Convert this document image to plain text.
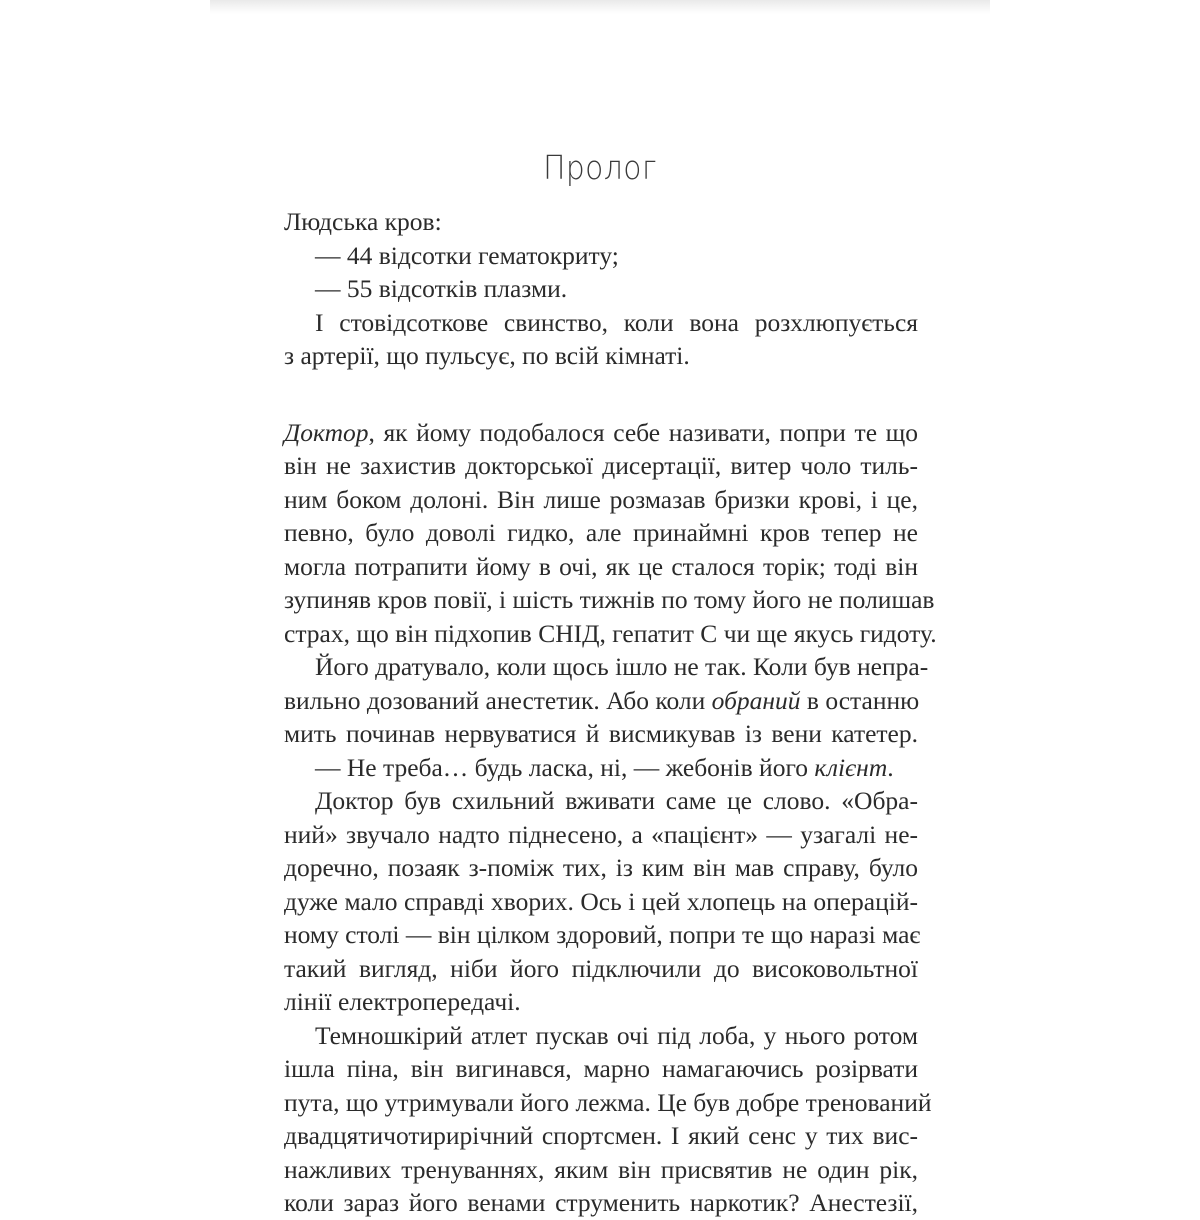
Пролог
Людська кров:
— 44 відсотки гематокриту;
— 55 відсотків плазми.
І стовідсоткове свинство, коли вона розхлюпується
з артерії, що пульсує, по всій кімнаті.
Доктор, як йому подобалося себе називати, попри те що
він не захистив докторської дисертації, витер чоло тиль-
ним боком долоні. Він лише розмазав бризки крові, і це,
певно, було доволі гидко, але принаймні кров тепер не
могла потрапити йому в очі, як це сталося торік; тоді він
зупиняв кров повії, і шість тижнів по тому його не полишав
страх, що він підхопив СНІД, гепатит С чи ще якусь гидоту.
Його дратувало, коли щось ішло не так. Коли був непра-
вильно дозований анестетик. Або коли обраний в останню
мить починав нервуватися й висмикував із вени катетер.
— Не треба… будь ласка, ні, — жебонів його клієнт.
Доктор був схильний вживати саме це слово. «Обра-
ний» звучало надто піднесено, а «пацієнт» — узагалі не-
доречно, позаяк з-поміж тих, із ким він мав справу, було
дуже мало справді хворих. Ось і цей хлопець на операцій-
ному столі — він цілком здоровий, попри те що наразі має
такий вигляд, ніби його підключили до високовольтної
лінії електропередачі.
Темношкірий атлет пускав очі під лоба, у нього ротом
ішла піна, він вигинався, марно намагаючись розірвати
пута, що утримували його лежма. Це був добре тренований
двадцятичотирирічний спортсмен. І який сенс у тих вис-
нажливих тренуваннях, яким він присвятив не один рік,
коли зараз його венами струменить наркотик? Анестезії,
